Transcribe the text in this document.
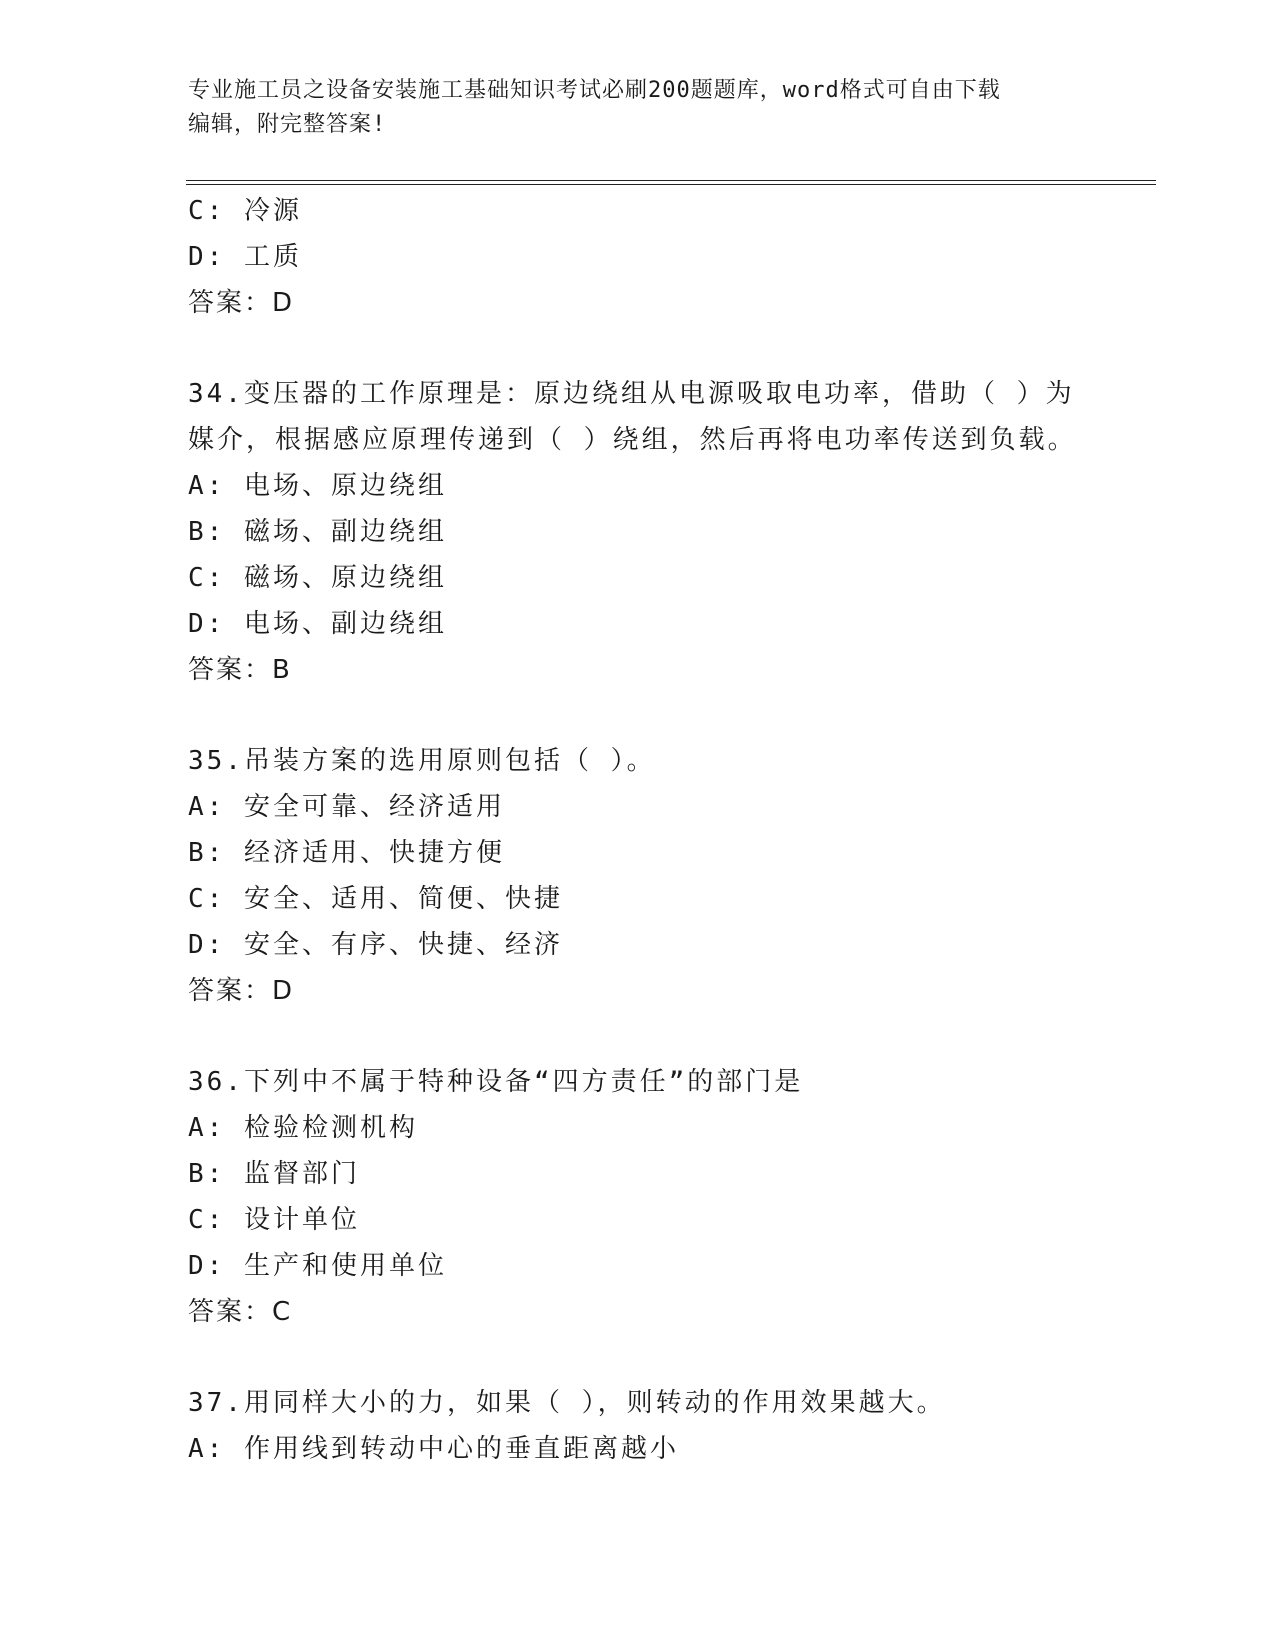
专业施工员之设备安装施工基础知识考试必刷200题题库，word格式可自由下载
编辑，附完整答案!
C: 冷源
D: 工质
答案：D
34.变压器的工作原理是：原边绕组从电源吸取电功率，借助（ ）为
媒介，根据感应原理传递到（ ）绕组，然后再将电功率传送到负载。
A: 电场、原边绕组
B: 磁场、副边绕组
C: 磁场、原边绕组
D: 电场、副边绕组
答案：B
35.吊装方案的选用原则包括（ ）。
A: 安全可靠、经济适用
B: 经济适用、快捷方便
C: 安全、适用、简便、快捷
D: 安全、有序、快捷、经济
答案：D
36.下列中不属于特种设备“四方责任”的部门是
A: 检验检测机构
B: 监督部门
C: 设计单位
D: 生产和使用单位
答案：C
37.用同样大小的力，如果（ ），则转动的作用效果越大。
A: 作用线到转动中心的垂直距离越小
